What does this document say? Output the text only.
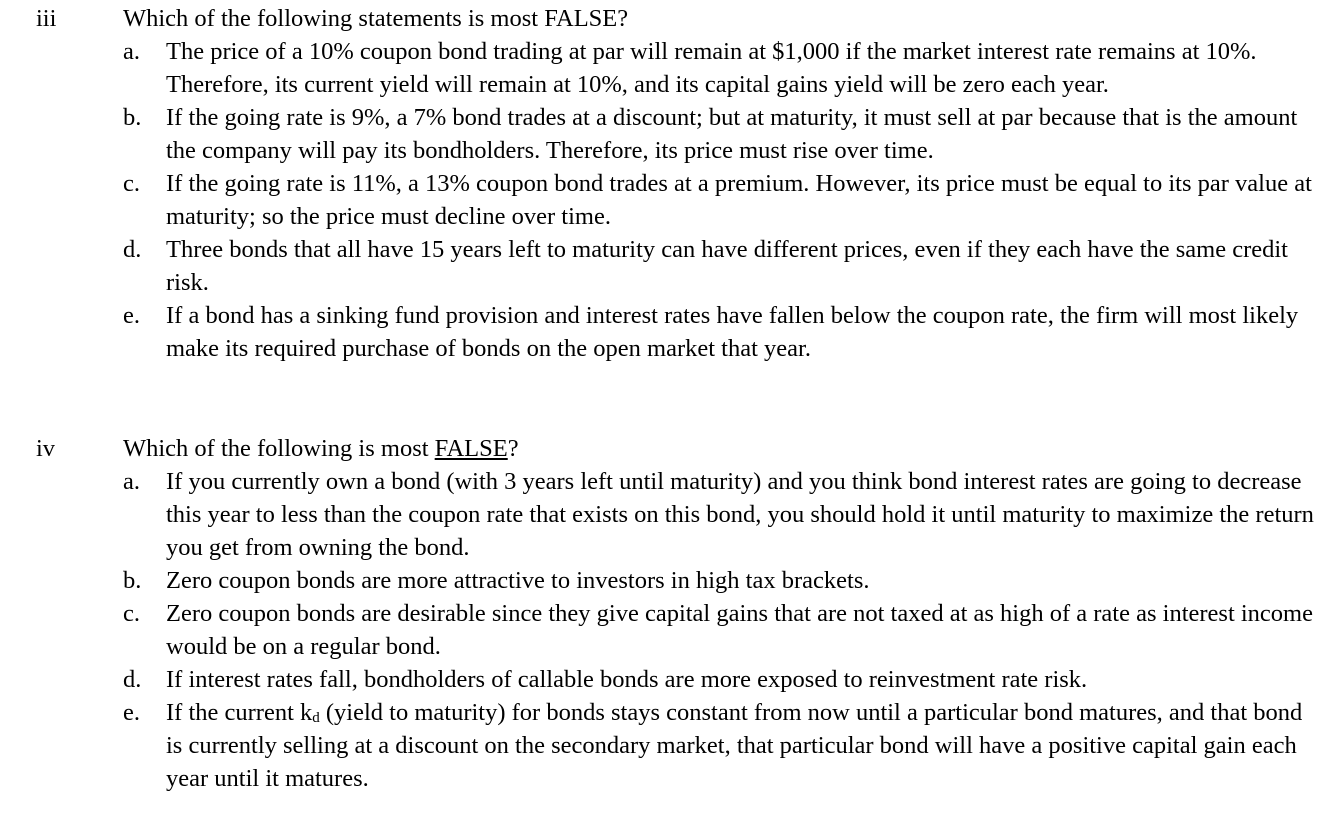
iii	Which of the following statements is most FALSE?
a. The price of a 10% coupon bond trading at par will remain at $1,000 if the market interest rate remains at 10%. Therefore, its current yield will remain at 10%, and its capital gains yield will be zero each year.
b. If the going rate is 9%, a 7% bond trades at a discount; but at maturity, it must sell at par because that is the amount the company will pay its bondholders. Therefore, its price must rise over time.
c. If the going rate is 11%, a 13% coupon bond trades at a premium. However, its price must be equal to its par value at maturity; so the price must decline over time.
d. Three bonds that all have 15 years left to maturity can have different prices, even if they each have the same credit risk.
e. If a bond has a sinking fund provision and interest rates have fallen below the coupon rate, the firm will most likely make its required purchase of bonds on the open market that year.
iv	Which of the following is most FALSE?
a. If you currently own a bond (with 3 years left until maturity) and you think bond interest rates are going to decrease this year to less than the coupon rate that exists on this bond, you should hold it until maturity to maximize the return you get from owning the bond.
b. Zero coupon bonds are more attractive to investors in high tax brackets.
c. Zero coupon bonds are desirable since they give capital gains that are not taxed at as high of a rate as interest income would be on a regular bond.
d. If interest rates fall, bondholders of callable bonds are more exposed to reinvestment rate risk.
e. If the current $k_d$ (yield to maturity) for bonds stays constant from now until a particular bond matures, and that bond is currently selling at a discount on the secondary market, that particular bond will have a positive capital gain each year until it matures.
